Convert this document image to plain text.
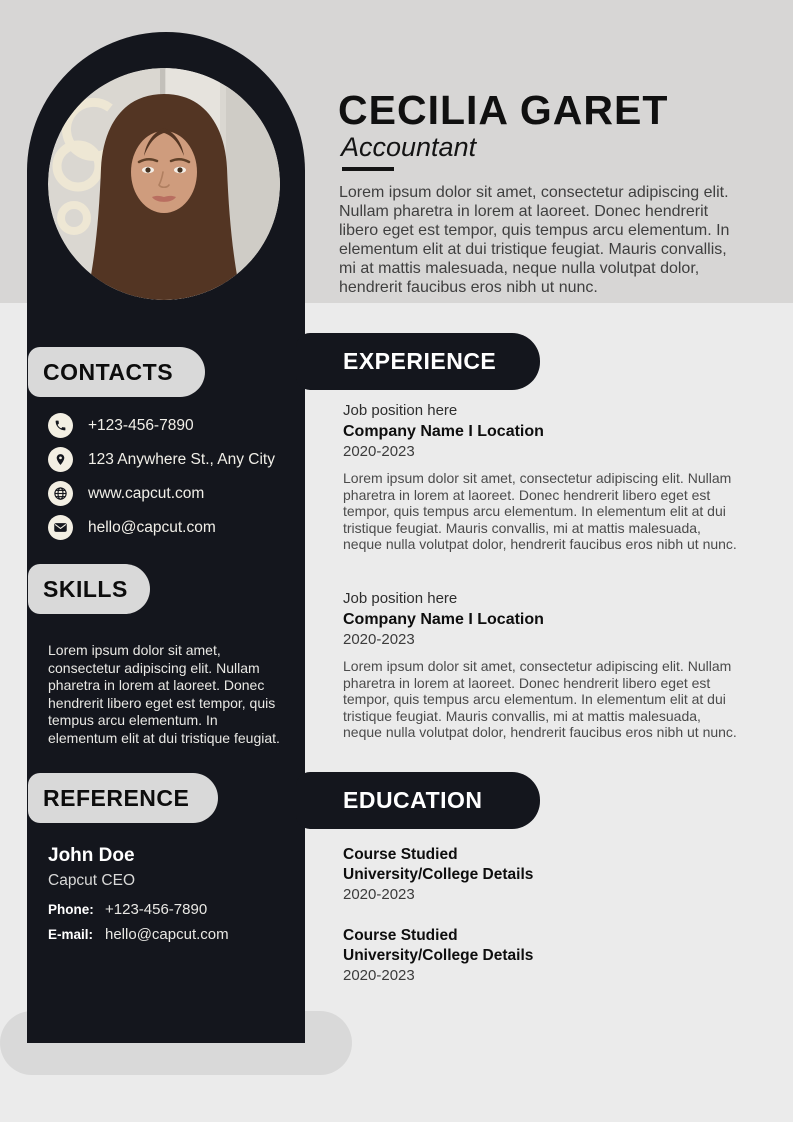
CECILIA GARET
Accountant

Lorem ipsum dolor sit amet, consectetur adipiscing elit. Nullam pharetra in lorem at laoreet. Donec hendrerit libero eget est tempor, quis tempus arcu elementum. In elementum elit at dui tristique feugiat. Mauris convallis, mi at mattis malesuada, neque nulla volutpat dolor, hendrerit faucibus eros nibh ut nunc.

CONTACTS
+123-456-7890
123 Anywhere St., Any City
www.capcut.com
hello@capcut.com
SKILLS

Lorem ipsum dolor sit amet, consectetur adipiscing elit. Nullam pharetra in lorem at laoreet. Donec hendrerit libero eget est tempor, quis tempus arcu elementum. In elementum elit at dui tristique feugiat.

REFERENCE
John Doe
Capcut CEO
Phone: +123-456-7890
E-mail: hello@capcut.com
EXPERIENCE
Job position here
Company Name I Location
2020-2023

Lorem ipsum dolor sit amet, consectetur adipiscing elit. Nullam pharetra in lorem at laoreet. Donec hendrerit libero eget est tempor, quis tempus arcu elementum. In elementum elit at dui tristique feugiat. Mauris convallis, mi at mattis malesuada, neque nulla volutpat dolor, hendrerit faucibus eros nibh ut nunc.

Job position here
Company Name I Location
2020-2023

Lorem ipsum dolor sit amet, consectetur adipiscing elit. Nullam pharetra in lorem at laoreet. Donec hendrerit libero eget est tempor, quis tempus arcu elementum. In elementum elit at dui tristique feugiat. Mauris convallis, mi at mattis malesuada, neque nulla volutpat dolor, hendrerit faucibus eros nibh ut nunc.

EDUCATION
Course Studied
University/College Details
2020-2023
Course Studied
University/College Details
2020-2023
